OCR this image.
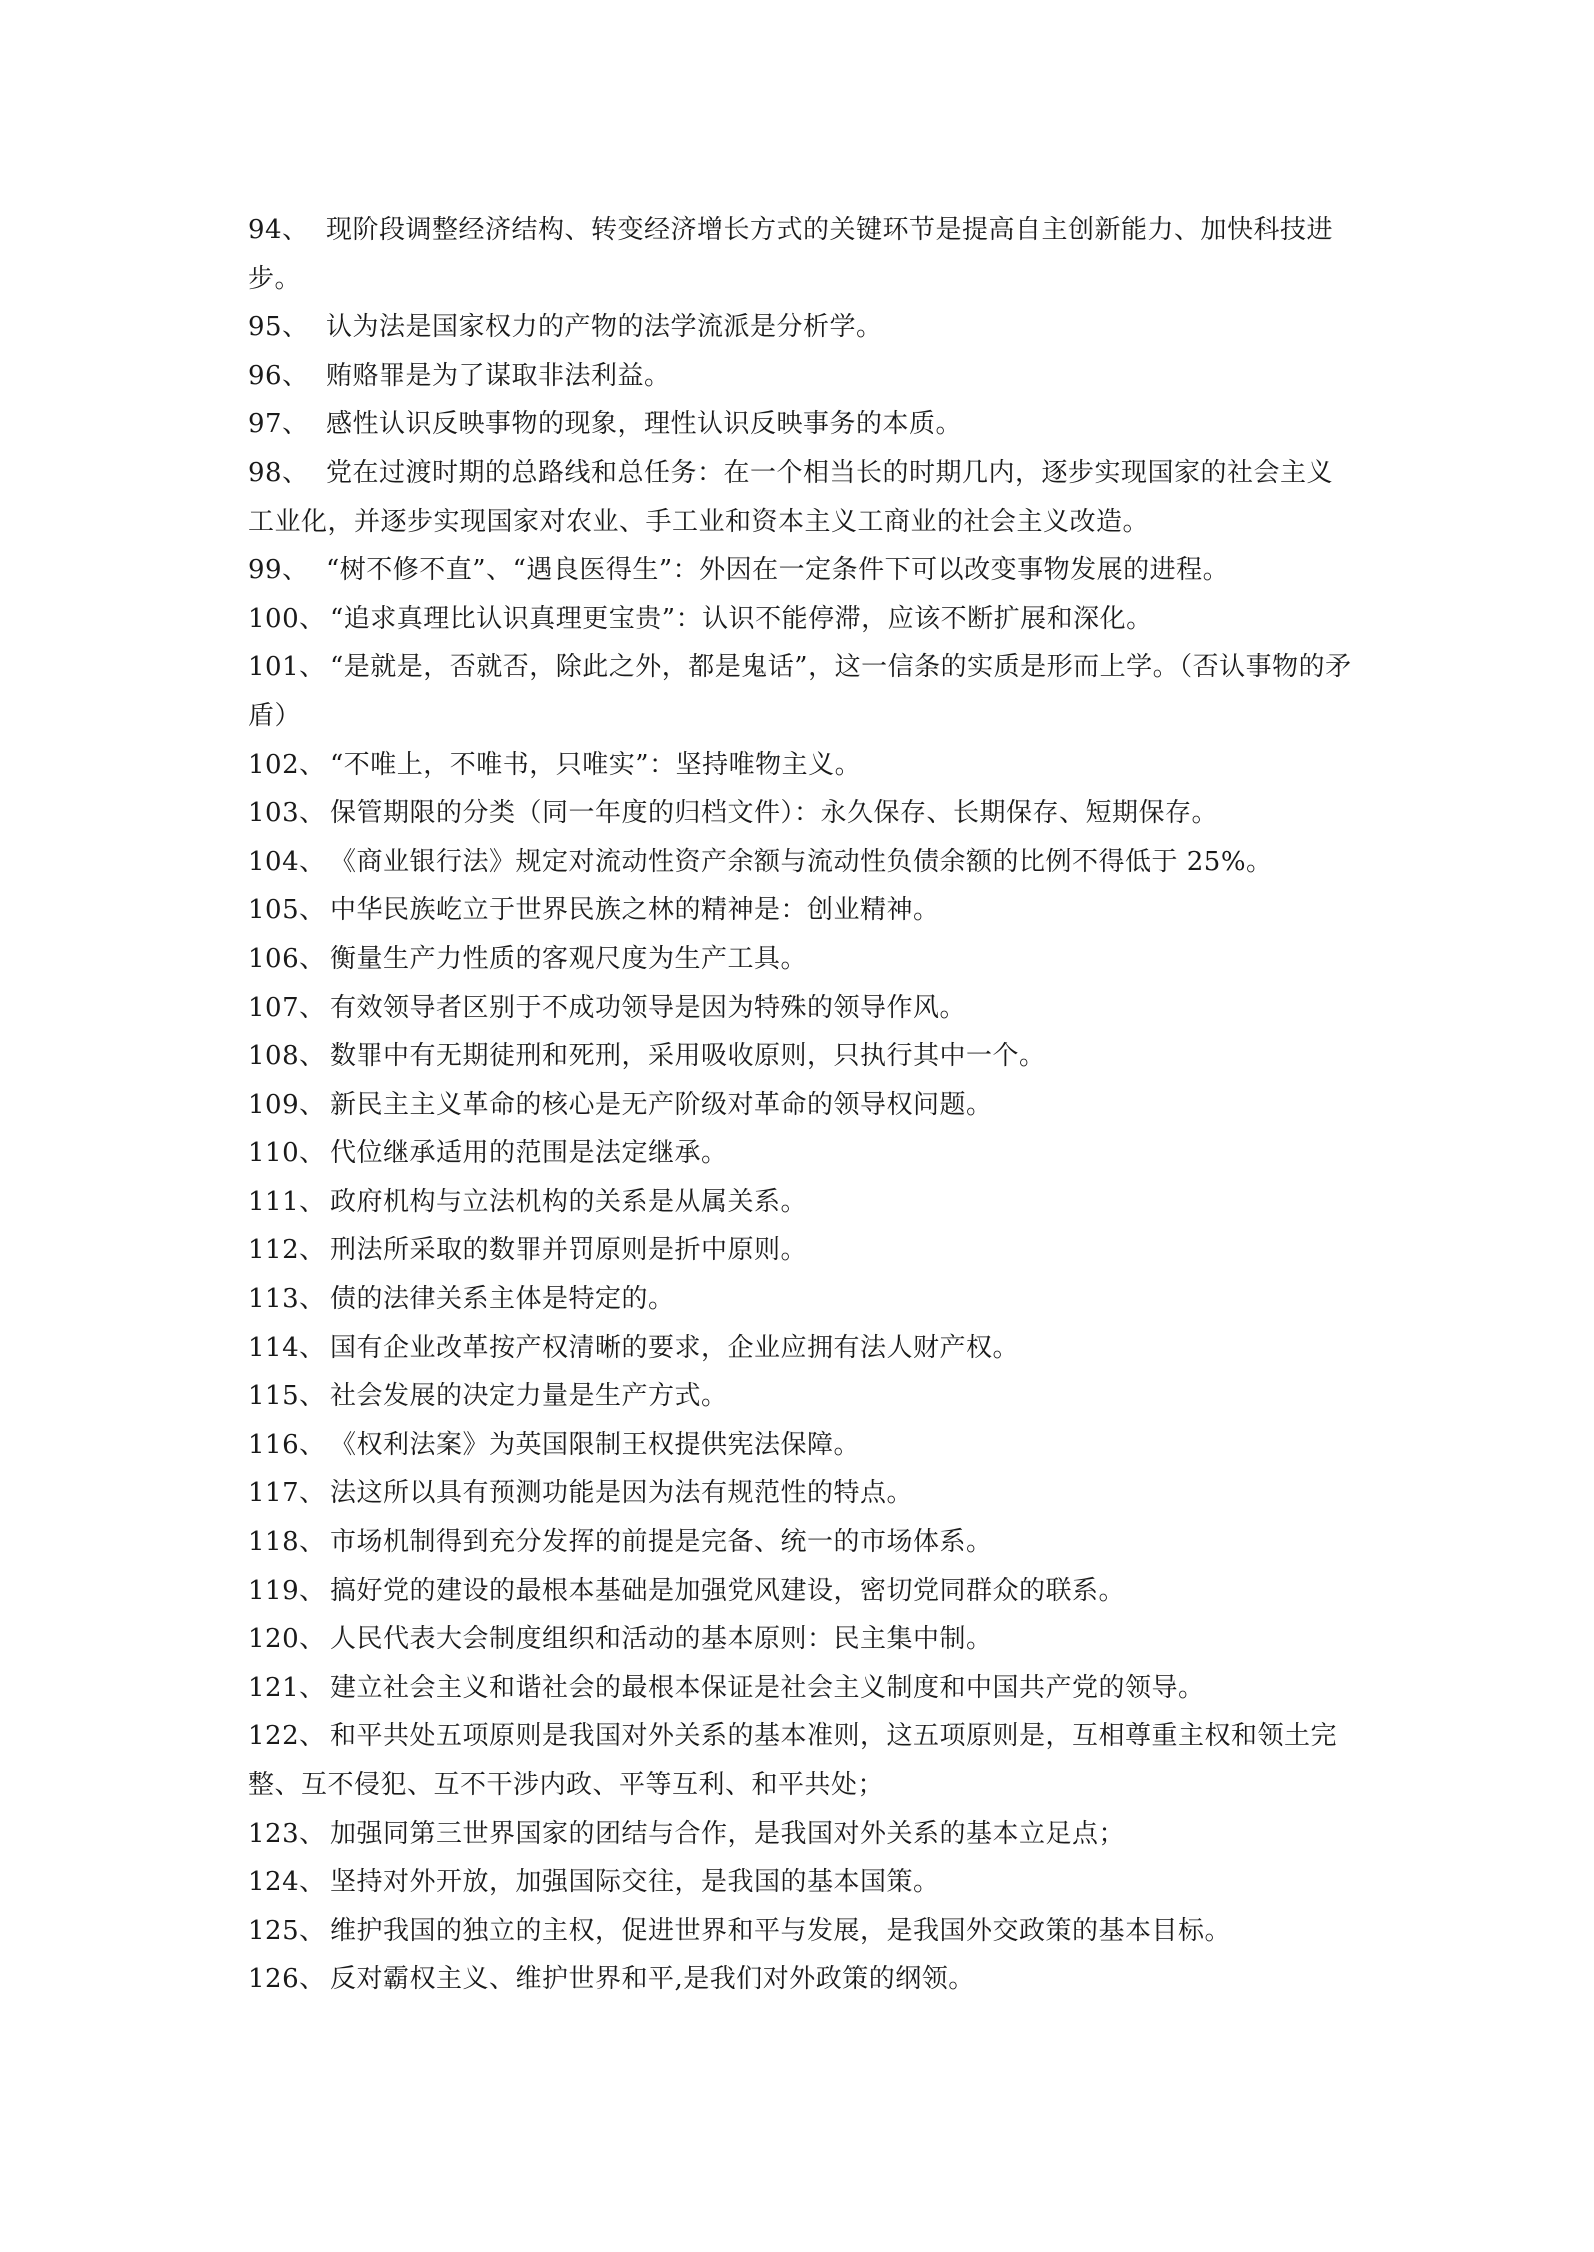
94、 现阶段调整经济结构、转变经济增长方式的关键环节是提高自主创新能力、加快科技进步。
95、 认为法是国家权力的产物的法学流派是分析学。
96、 贿赂罪是为了谋取非法利益。
97、 感性认识反映事物的现象，理性认识反映事务的本质。
98、 党在过渡时期的总路线和总任务：在一个相当长的时期几内，逐步实现国家的社会主义工业化，并逐步实现国家对农业、手工业和资本主义工商业的社会主义改造。
99、 “树不修不直”、“遇良医得生”：外因在一定条件下可以改变事物发展的进程。
100、 “追求真理比认识真理更宝贵”：认识不能停滞，应该不断扩展和深化。
101、 “是就是，否就否，除此之外，都是鬼话”，这一信条的实质是形而上学。（否认事物的矛盾）
102、 “不唯上，不唯书，只唯实”：坚持唯物主义。
103、 保管期限的分类（同一年度的归档文件）：永久保存、长期保存、短期保存。
104、 《商业银行法》规定对流动性资产余额与流动性负债余额的比例不得低于 25%。
105、 中华民族屹立于世界民族之林的精神是：创业精神。
106、 衡量生产力性质的客观尺度为生产工具。
107、 有效领导者区别于不成功领导是因为特殊的领导作风。
108、 数罪中有无期徒刑和死刑，采用吸收原则，只执行其中一个。
109、 新民主主义革命的核心是无产阶级对革命的领导权问题。
110、 代位继承适用的范围是法定继承。
111、 政府机构与立法机构的关系是从属关系。
112、 刑法所采取的数罪并罚原则是折中原则。
113、 债的法律关系主体是特定的。
114、 国有企业改革按产权清晰的要求，企业应拥有法人财产权。
115、 社会发展的决定力量是生产方式。
116、 《权利法案》为英国限制王权提供宪法保障。
117、 法这所以具有预测功能是因为法有规范性的特点。
118、 市场机制得到充分发挥的前提是完备、统一的市场体系。
119、 搞好党的建设的最根本基础是加强党风建设，密切党同群众的联系。
120、 人民代表大会制度组织和活动的基本原则：民主集中制。
121、 建立社会主义和谐社会的最根本保证是社会主义制度和中国共产党的领导。
122、 和平共处五项原则是我国对外关系的基本准则，这五项原则是，互相尊重主权和领土完整、互不侵犯、互不干涉内政、平等互利、和平共处；
123、 加强同第三世界国家的团结与合作，是我国对外关系的基本立足点；
124、 坚持对外开放，加强国际交往，是我国的基本国策。
125、 维护我国的独立的主权，促进世界和平与发展，是我国外交政策的基本目标。
126、 反对霸权主义、维护世界和平,是我们对外政策的纲领。
